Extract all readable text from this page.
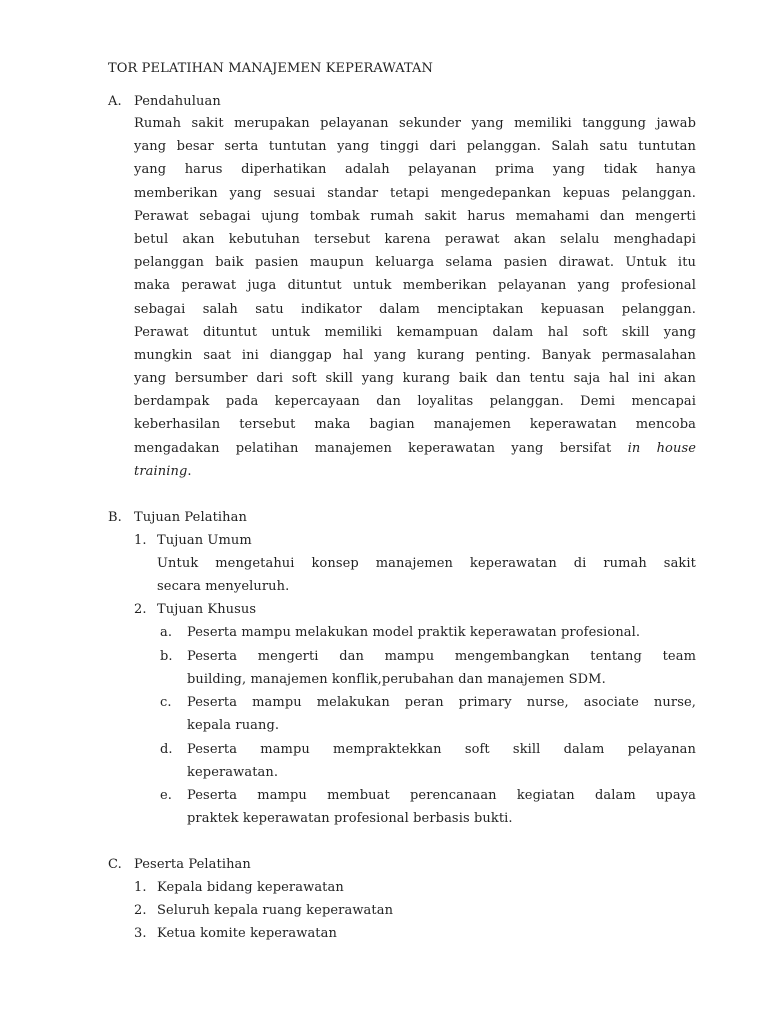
TOR PELATIHAN MANAJEMEN KEPERAWATAN
A. Pendahuluan
Rumah sakit merupakan pelayanan sekunder yang memiliki tanggung jawab
yang besar serta tuntutan yang tinggi dari pelanggan. Salah satu tuntutan
yang harus diperhatikan adalah pelayanan prima yang tidak hanya
memberikan yang sesuai standar tetapi mengedepankan kepuas pelanggan.
Perawat sebagai ujung tombak rumah sakit harus memahami dan mengerti
betul akan kebutuhan tersebut karena perawat akan selalu menghadapi
pelanggan baik pasien maupun keluarga selama pasien dirawat. Untuk itu
maka perawat juga dituntut untuk memberikan pelayanan yang profesional
sebagai salah satu indikator dalam menciptakan kepuasan pelanggan.
Perawat dituntut untuk memiliki kemampuan dalam hal soft skill yang
mungkin saat ini dianggap hal yang kurang penting. Banyak permasalahan
yang bersumber dari soft skill yang kurang baik dan tentu saja hal ini akan
berdampak pada kepercayaan dan loyalitas pelanggan. Demi mencapai
keberhasilan tersebut maka bagian manajemen keperawatan mencoba
mengadakan pelatihan manajemen keperawatan yang bersifat in house
training.
B. Tujuan Pelatihan
1. Tujuan Umum
Untuk mengetahui konsep manajemen keperawatan di rumah sakit
secara menyeluruh.
2. Tujuan Khusus
a. Peserta mampu melakukan model praktik keperawatan profesional.
b. Peserta mengerti dan mampu mengembangkan tentang team
building, manajemen konflik,perubahan dan manajemen SDM.
c. Peserta mampu melakukan peran primary nurse, asociate nurse,
kepala ruang.
d. Peserta mampu mempraktekkan soft skill dalam pelayanan
keperawatan.
e. Peserta mampu membuat perencanaan kegiatan dalam upaya
praktek keperawatan profesional berbasis bukti.
C. Peserta Pelatihan
1. Kepala bidang keperawatan
2. Seluruh kepala ruang keperawatan
3. Ketua komite keperawatan
